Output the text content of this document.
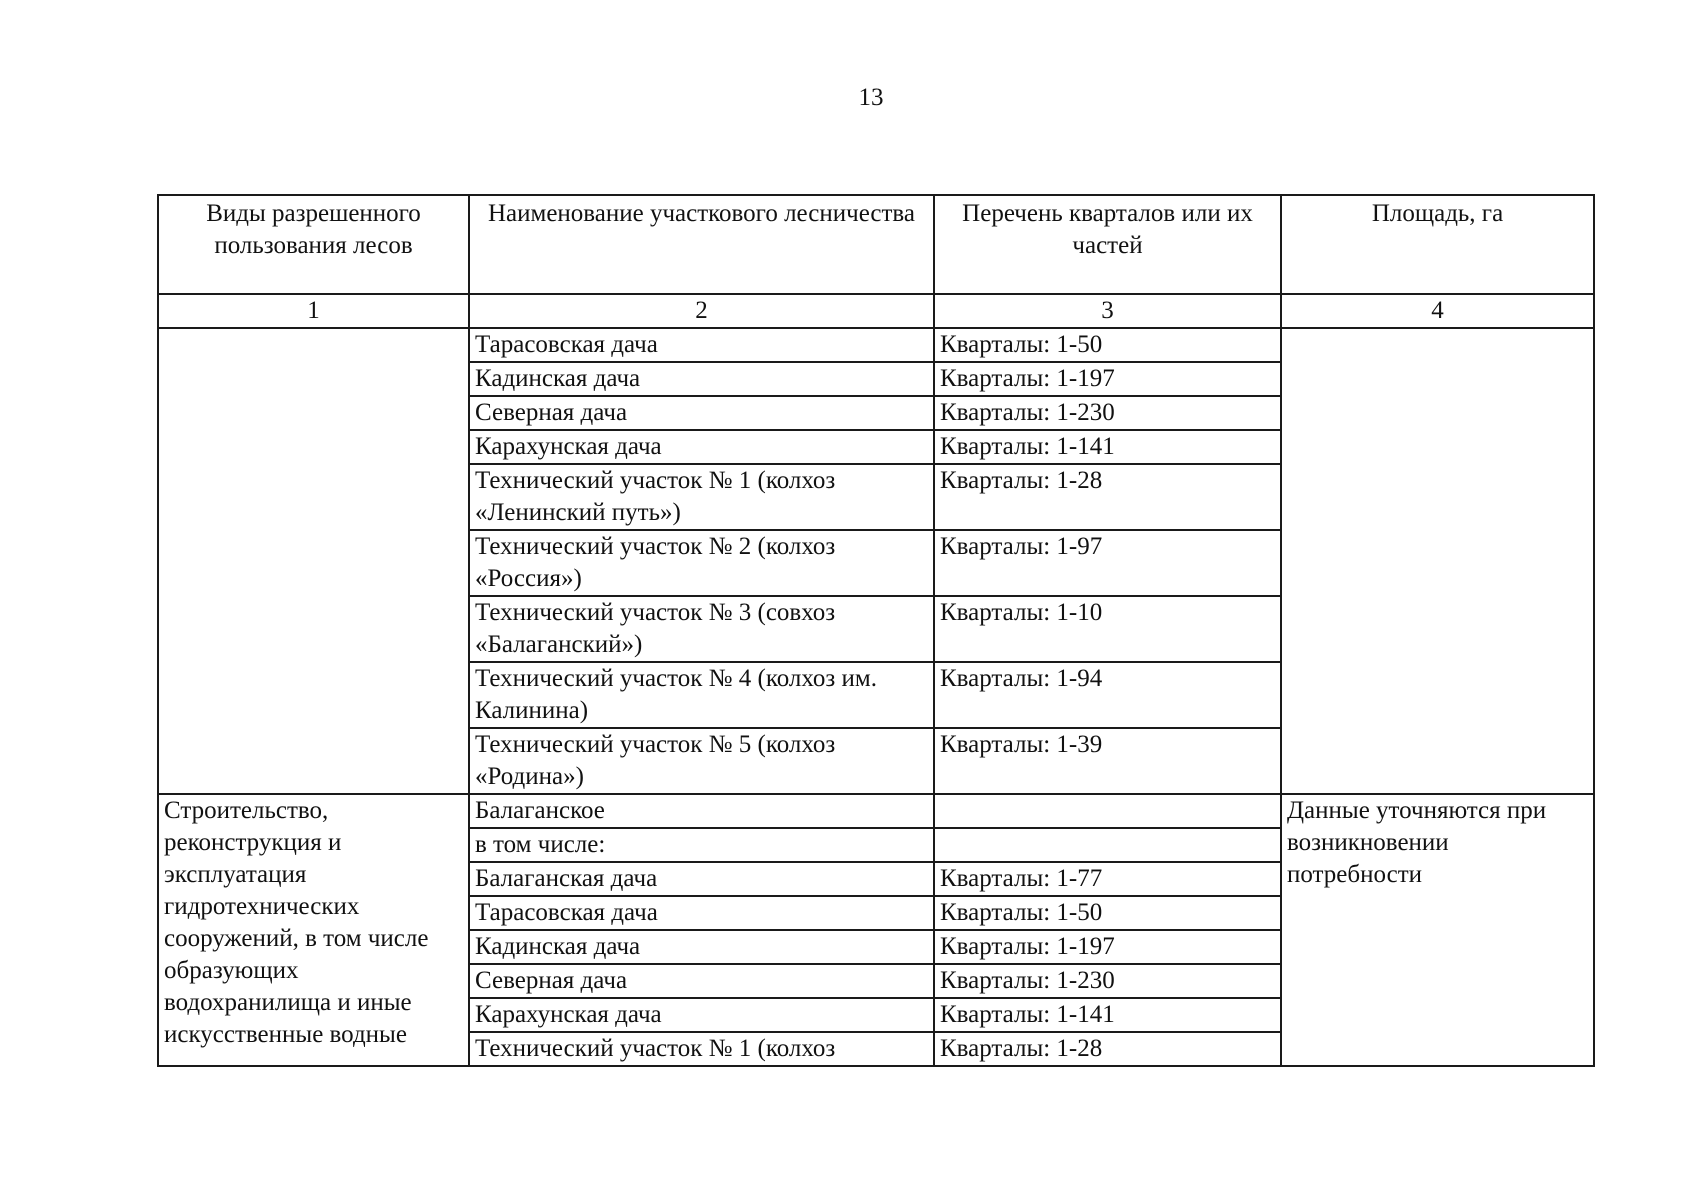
13
Виды разрешенного пользования лесов	Наименование участкового лесничества	Перечень кварталов или их частей	Площадь, га
1	2	3	4
	Тарасовская дача	Кварталы: 1-50	
	Кадинская дача	Кварталы: 1-197	
	Северная дача	Кварталы: 1-230	
	Карахунская дача	Кварталы: 1-141	
	Технический участок № 1 (колхоз «Ленинский путь»)	Кварталы: 1-28	
	Технический участок № 2 (колхоз «Россия»)	Кварталы: 1-97	
	Технический участок № 3 (совхоз «Балаганский»)	Кварталы: 1-10	
	Технический участок № 4 (колхоз им. Калинина)	Кварталы: 1-94	
	Технический участок № 5 (колхоз «Родина»)	Кварталы: 1-39	
Строительство, реконструкция и эксплуатация гидротехнических сооружений, в том числе образующих водохранилища и иные искусственные водные	Балаганское		Данные уточняются при возникновении потребности
	в том числе:		
	Балаганская дача	Кварталы: 1-77	
	Тарасовская дача	Кварталы: 1-50	
	Кадинская дача	Кварталы: 1-197	
	Северная дача	Кварталы: 1-230	
	Карахунская дача	Кварталы: 1-141	
	Технический участок № 1 (колхоз	Кварталы: 1-28	
